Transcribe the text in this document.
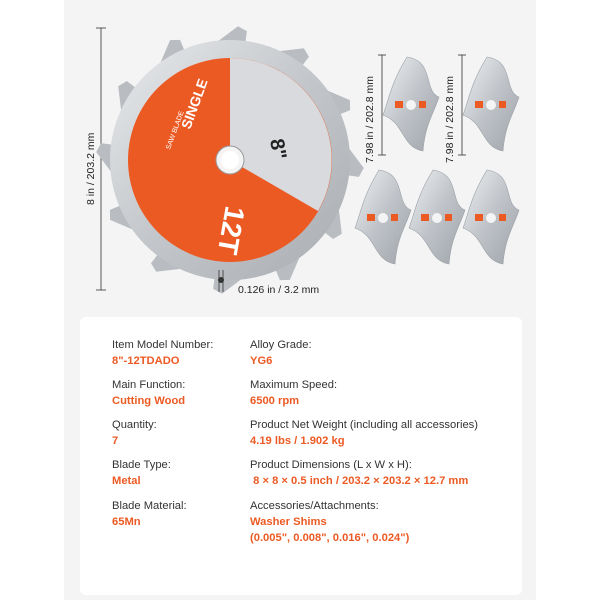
8"
12T
SINGLE
SAW BLADE
8 in / 203.2 mm
0.126 in / 3.2 mm
7.98 in / 202.8 mm	7.98 in / 202.8 mm
Item Model Number:
8"-12TDADO
Main Function:
Cutting Wood
Quantity:
7
Blade Type:
Metal
Blade Material:
65Mn
Alloy Grade:
YG6
Maximum Speed:
6500 rpm
Product Net Weight (including all accessories)
4.19 lbs / 1.902 kg
Product Dimensions (L x W x H):
8 × 8 × 0.5 inch / 203.2 × 203.2 × 12.7 mm
Accessories/Attachments:
Washer Shims
(0.005", 0.008", 0.016", 0.024")
